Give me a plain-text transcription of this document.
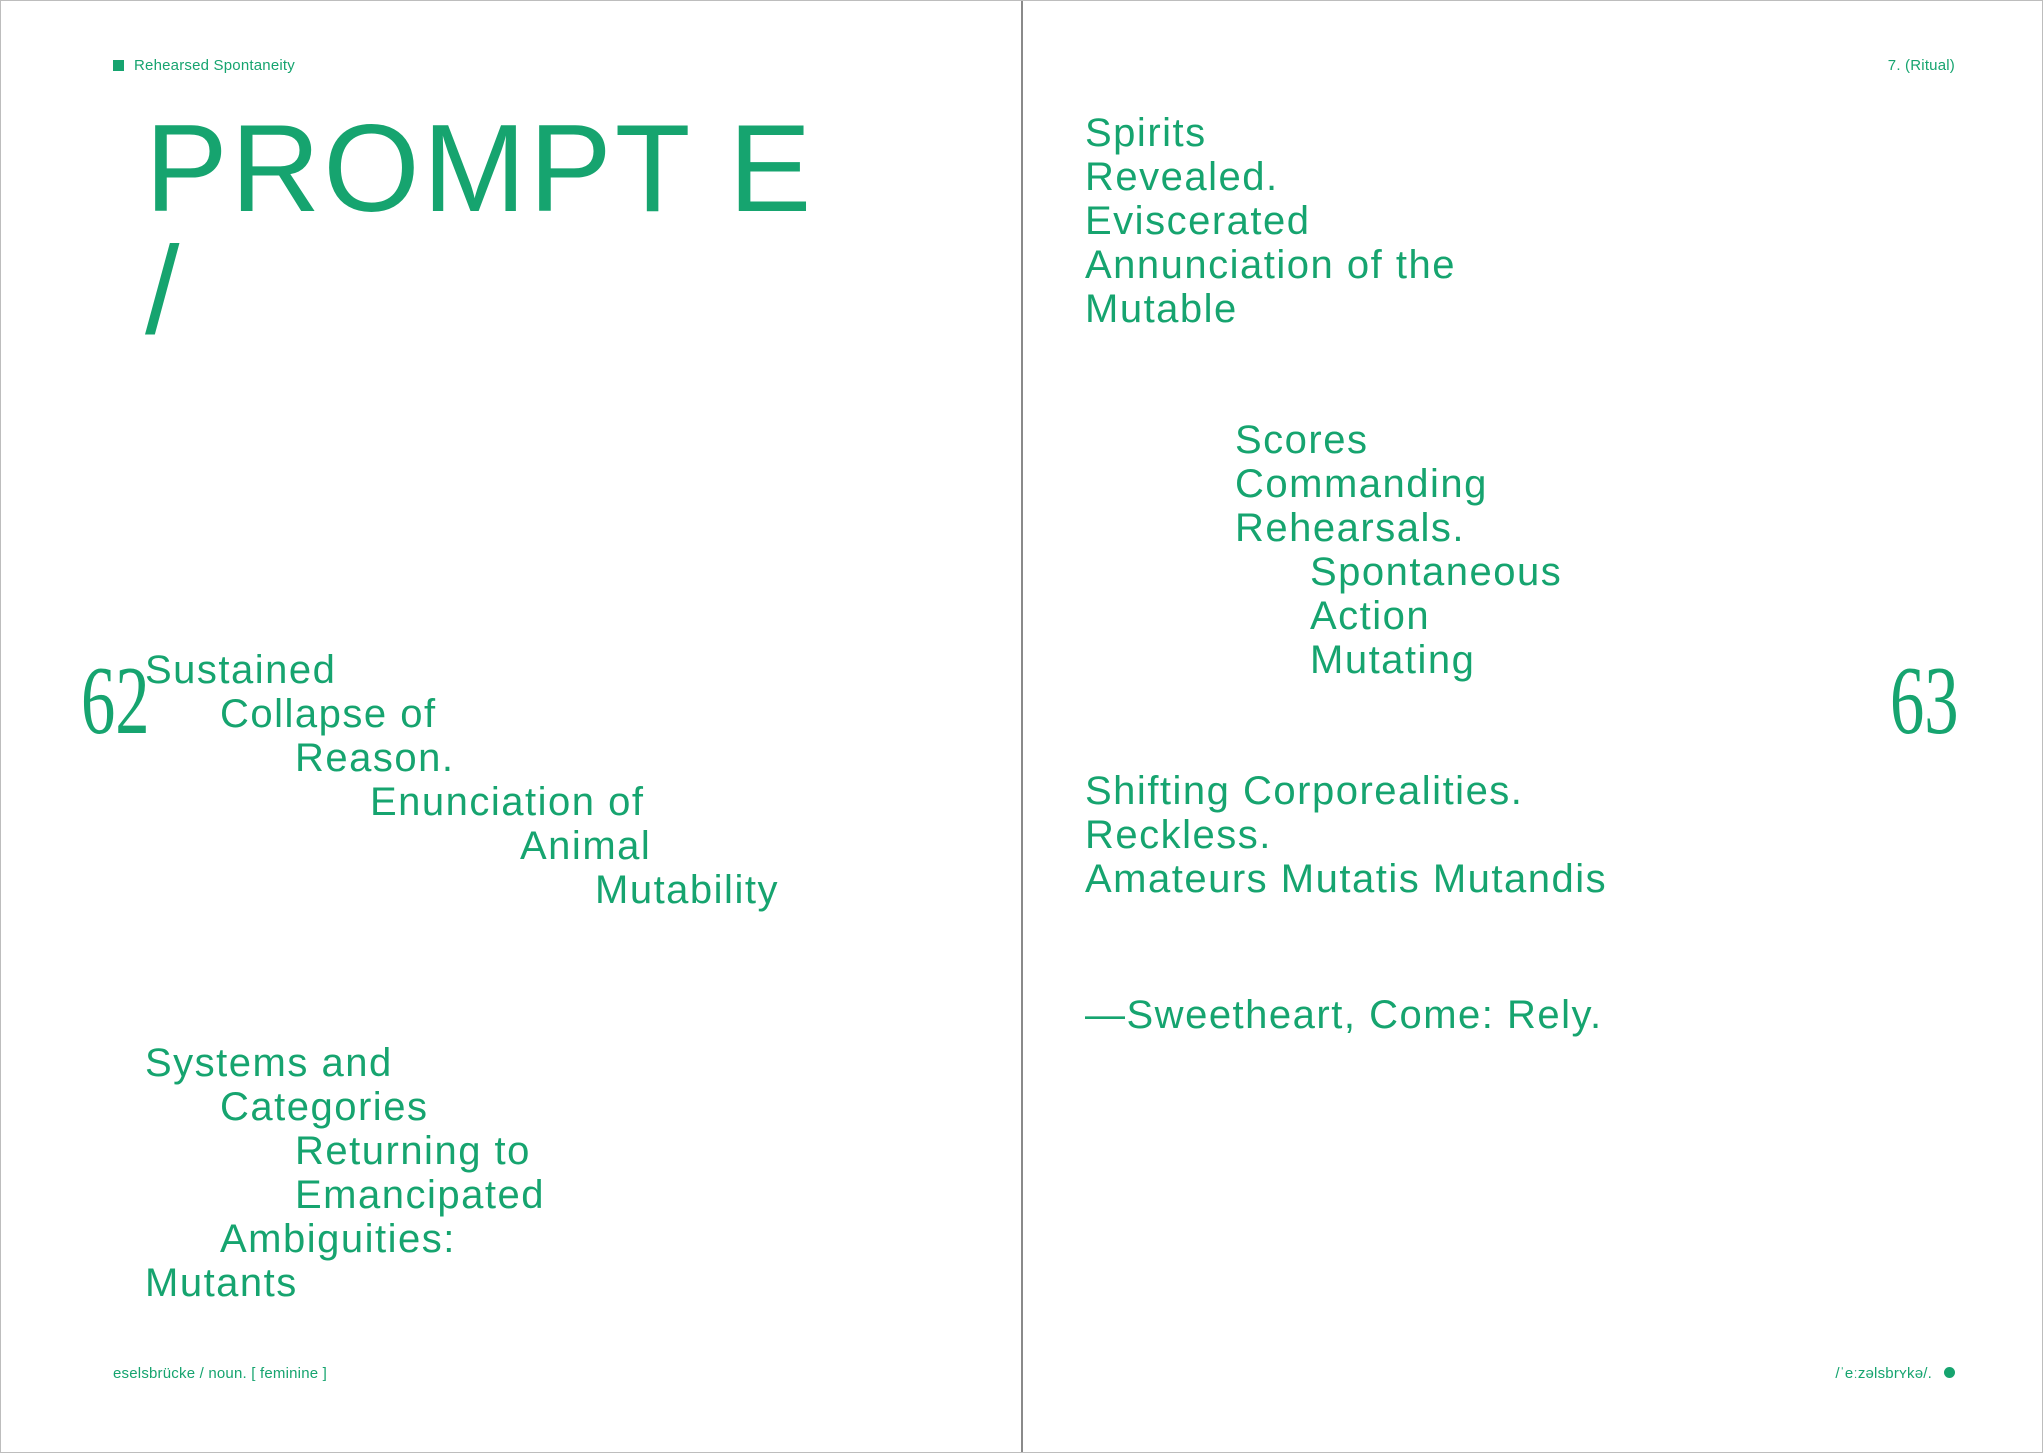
Rehearsed Spontaneity
PROMPT E
/
62
Sustained
Collapse of
Reason.
Enunciation of
Animal
Mutability
Systems and
Categories
Returning to
Emancipated
Ambiguities:
Mutants
eselsbrücke / noun. [ feminine ]
7. (Ritual)
Spirits
Revealed.
Eviscerated
Annunciation of the
Mutable
Scores
Commanding
Rehearsals.
Spontaneous
Action
Mutating	63
Shifting Corporealities.
Reckless.
Amateurs Mutatis Mutandis
—Sweetheart, Come: Rely.
/ˈeːzəlsbrʏkə/.
